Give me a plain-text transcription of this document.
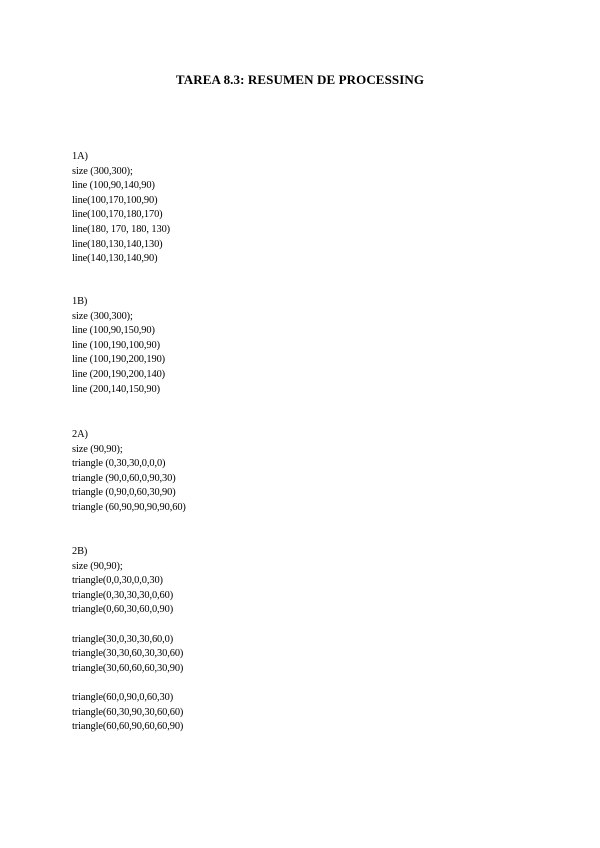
TAREA 8.3: RESUMEN DE PROCESSING
1A)
size (300,300);
line (100,90,140,90)
line(100,170,100,90)
line(100,170,180,170)
line(180, 170, 180, 130)
line(180,130,140,130)
line(140,130,140,90)
1B)
size (300,300);
line (100,90,150,90)
line (100,190,100,90)
line (100,190,200,190)
line (200,190,200,140)
line (200,140,150,90)
2A)
size (90,90);
triangle (0,30,30,0,0,0)
triangle (90,0,60,0,90,30)
triangle (0,90,0,60,30,90)
triangle (60,90,90,90,90,60)
2B)
size (90,90);
triangle(0,0,30,0,0,30)
triangle(0,30,30,30,0,60)
triangle(0,60,30,60,0,90)
triangle(30,0,30,30,60,0)
triangle(30,30,60,30,30,60)
triangle(30,60,60,60,30,90)
triangle(60,0,90,0,60,30)
triangle(60,30,90,30,60,60)
triangle(60,60,90,60,60,90)
